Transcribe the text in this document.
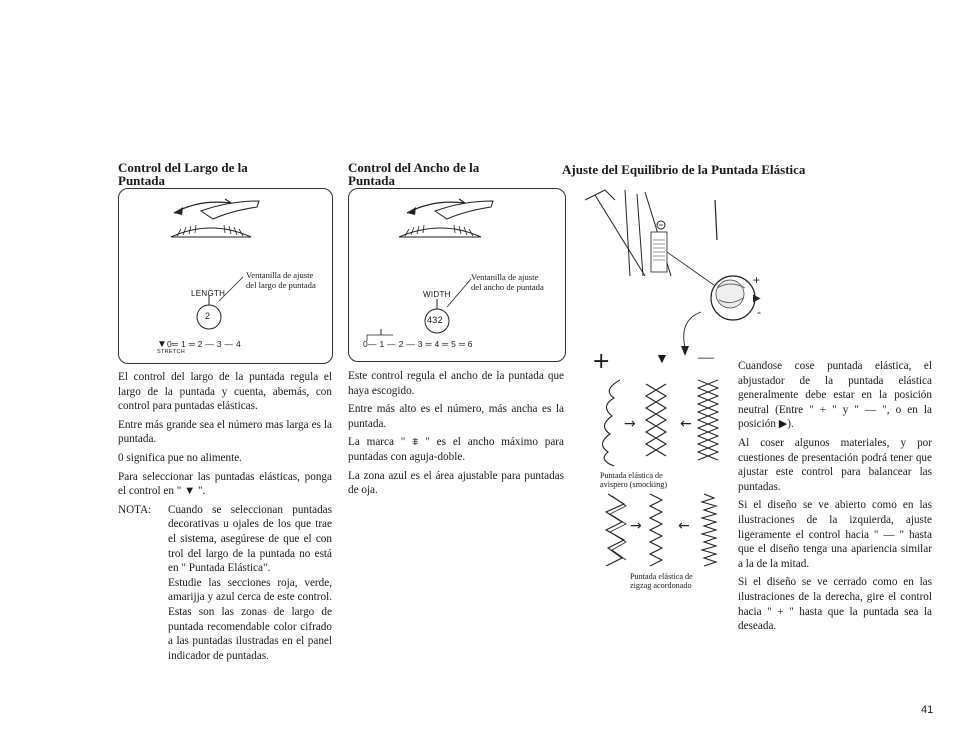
Control del Largo de la
Puntada
Ventanilla de ajuste
del largo de puntada
LENGTH
2
▼ 0═ 1 ═ 2 — 3 — 4
STRETCH

El control del largo de la puntada regula el largo de la puntada y cuenta, abemás, con control para puntadas elásticas.

Entre más grande sea el número mas larga es la puntada.

0 significa pue no alimente.

Para seleccionar las puntadas elásticas, ponga el control en " ▼ ".

NOTA:	Cuando se seleccionan puntadas decorativas u ojales de los que trae el sistema, asegúrese de que el con trol del largo de la puntada no está en " Puntada Elástica".
Estudie las secciones roja, verde, amarijja y azul cerca de este control. Estas son las zonas de largo de puntada recomendable color cifrado a las puntadas ilustradas en el panel indicador de puntadas.
Control del Ancho de la
Puntada
Ventanilla de ajuste
del ancho de puntada
WIDTH
432
0— 1 — 2 — 3 ═ 4 ═ 5 ═ 6

Este control regula el ancho de la puntada que haya escogido.

Entre más alto es el número, más ancha es la puntada.

La marca " ⩨ " es el ancho máximo para puntadas con aguja-doble.

La zona azul es el área ajustable para puntadas de oja.

Ajuste del Equilibrio de la Puntada Elástica
+
▶
-
+	▼ —
→	←
Puntada elástica de
avispero (smocking)
→	←
Puntada elástica de
zigzag acordonado

Cuandose cose puntada elástica, el abjustador de la puntada elástica generalmente debe estar en la posición neutral (Entre " + " y " — ", o en la posición ▶).

Al coser algunos materiales, y por cuestiones de presentación podrá tener que ajustar este control para balancear las puntadas.

Si el diseño se ve abierto como en las ilustraciones de la izquierda, ajuste ligeramente el control hacia " — " hasta que el diseño tenga una apariencia similar a la de la mitad.

Si el diseño se ve cerrado como en las ilustraciones de la derecha, gire el control hacia " + " hasta que la puntada sea la deseada.

41
